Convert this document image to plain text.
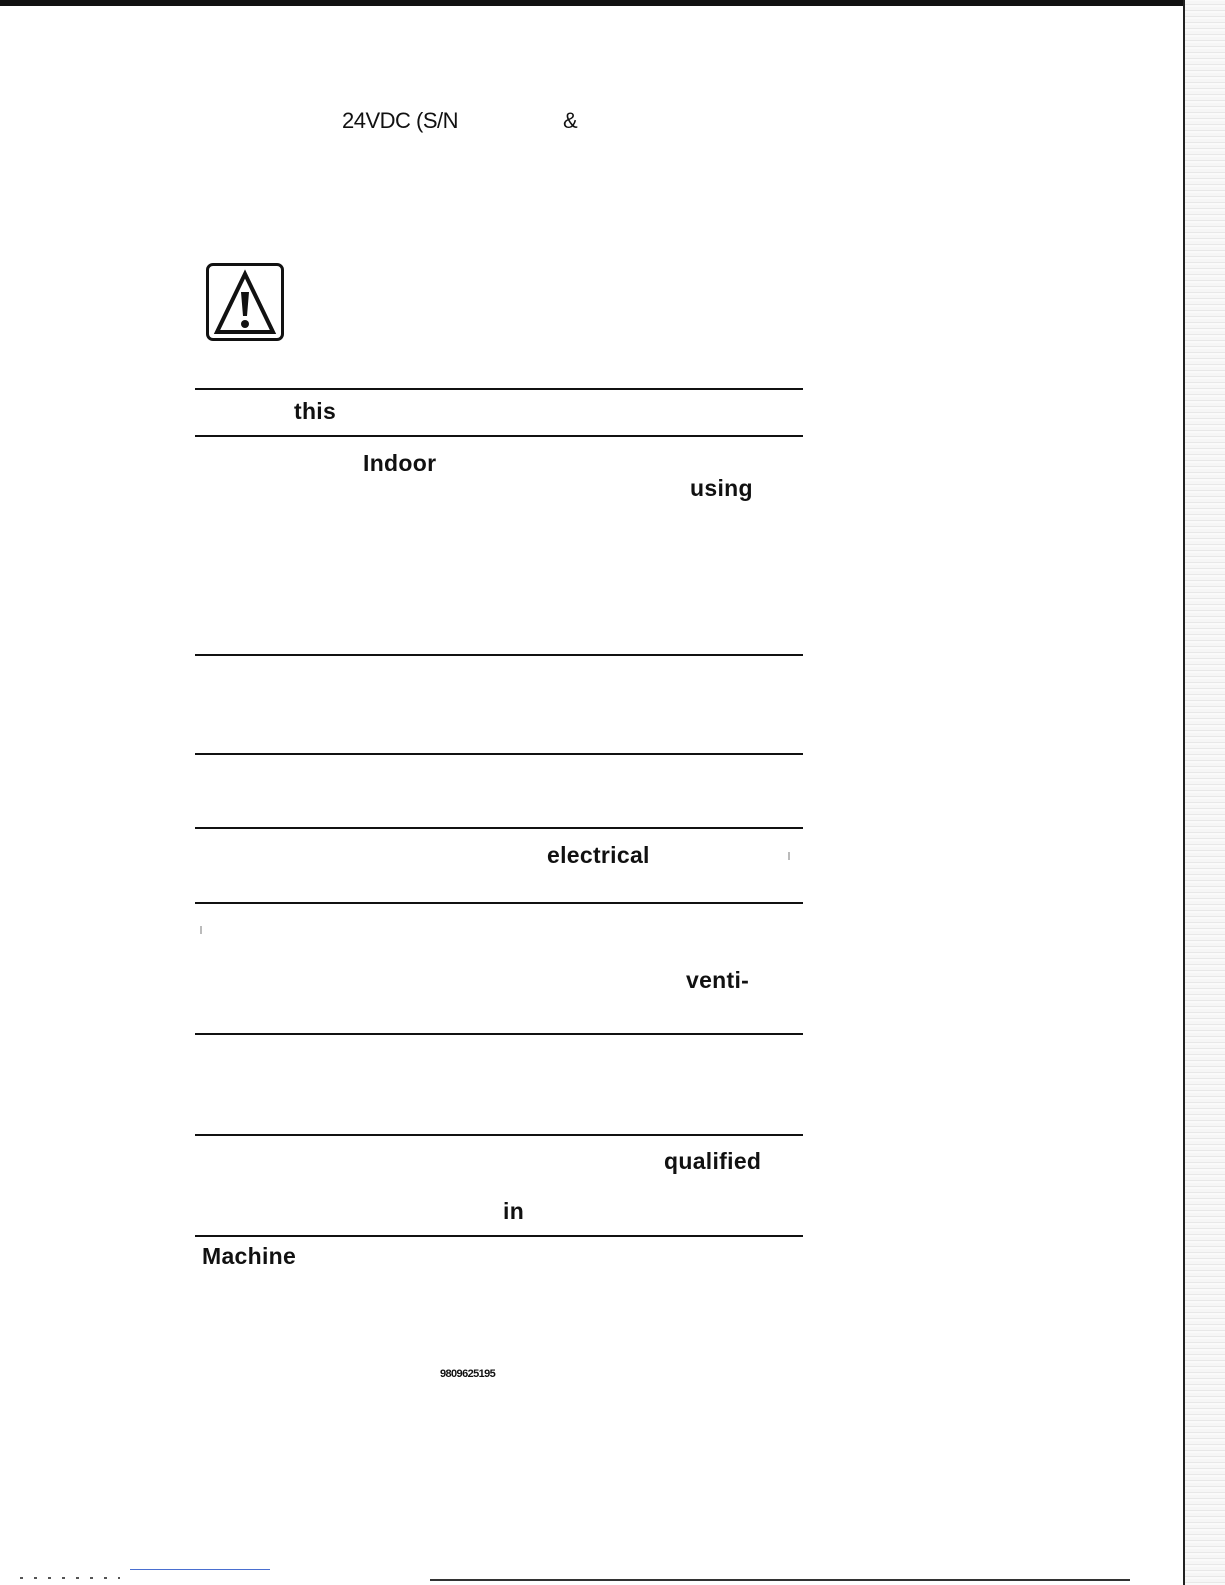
24VDC (S/N	&
this
Indoor
using
electrical
venti-
qualified
in
Machine
9809625195
